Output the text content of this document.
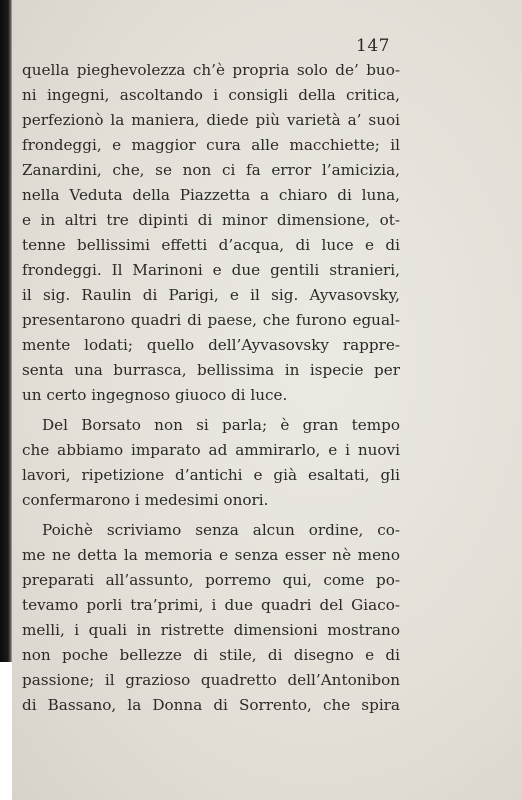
147
quella pieghevolezza ch’è propria solo de’ buo-
ni ingegni, ascoltando i consigli della critica,
perfezionò la maniera, diede più varietà a’ suoi
frondeggi, e maggior cura alle macchiette; il
Zanardini, che, se non ci fa error l’amicizia,
nella Veduta della Piazzetta a chiaro di luna,
e in altri tre dipinti di minor dimensione, ot-
tenne bellissimi effetti d’acqua, di luce e di
frondeggi. Il Marinoni e due gentili stranieri,
il sig. Raulin di Parigi, e il sig. Ayvasovsky,
presentarono quadri di paese, che furono egual-
mente lodati; quello dell’Ayvasovsky rappre-
senta una burrasca, bellissima in ispecie per
un certo ingegnoso giuoco di luce.
Del Borsato non si parla; è gran tempo
che abbiamo imparato ad ammirarlo, e i nuovi
lavori, ripetizione d’antichi e già esaltati, gli
confermarono i medesimi onori.
Poichè scriviamo senza alcun ordine, co-
me ne detta la memoria e senza esser nè meno
preparati all’assunto, porremo qui, come po-
tevamo porli tra’primi, i due quadri del Giaco-
melli, i quali in ristrette dimensioni mostrano
non poche bellezze di stile, di disegno e di
passione; il grazioso quadretto dell’Antonibon
di Bassano, la Donna di Sorrento, che spira
